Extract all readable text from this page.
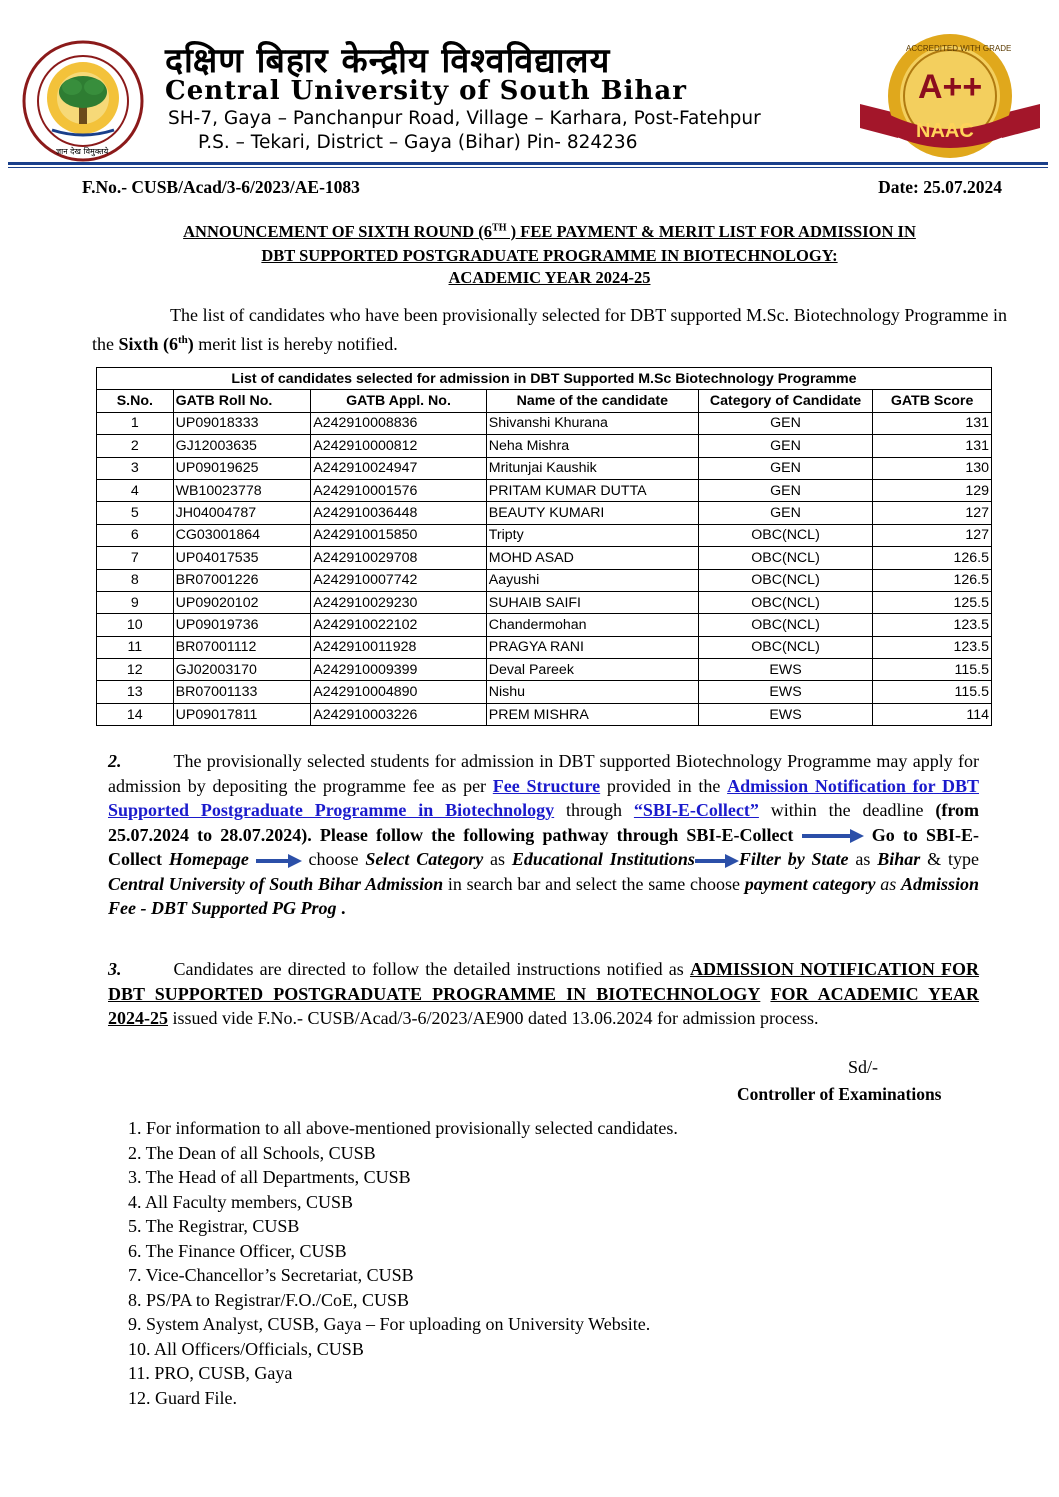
ज्ञान देख विमुक्तये
दक्षिण बिहार केन्द्रीय विश्वविद्यालय
Central University of South Bihar
SH-7, Gaya – Panchanpur Road, Village – Karhara, Post-Fatehpur
P.S. – Tekari, District – Gaya (Bihar) Pin- 824236
A++
NAAC
ACCREDITED WITH GRADE
F.No.- CUSB/Acad/3-6/2023/AE-1083	Date: 25.07.2024
ANNOUNCEMENT OF SIXTH ROUND (6TH ) FEE PAYMENT & MERIT LIST FOR ADMISSION IN
DBT SUPPORTED POSTGRADUATE PROGRAMME IN BIOTECHNOLOGY:
ACADEMIC YEAR 2024-25
The list of candidates who have been provisionally selected for DBT supported M.Sc. Biotechnology Programme in the Sixth (6th) merit list is hereby notified.
List of candidates selected for admission in DBT Supported M.Sc Biotechnology Programme					
S.No.	GATB Roll No.	GATB Appl. No.	Name of the candidate	Category of Candidate	GATB Score
1	UP09018333	A242910008836	Shivanshi Khurana	GEN	131
2	GJ12003635	A242910000812	Neha Mishra	GEN	131
3	UP09019625	A242910024947	Mritunjai Kaushik	GEN	130
4	WB10023778	A242910001576	PRITAM KUMAR DUTTA	GEN	129
5	JH04004787	A242910036448	BEAUTY KUMARI	GEN	127
6	CG03001864	A242910015850	Tripty	OBC(NCL)	127
7	UP04017535	A242910029708	MOHD ASAD	OBC(NCL)	126.5
8	BR07001226	A242910007742	Aayushi	OBC(NCL)	126.5
9	UP09020102	A242910029230	SUHAIB SAIFI	OBC(NCL)	125.5
10	UP09019736	A242910022102	Chandermohan	OBC(NCL)	123.5
11	BR07001112	A242910011928	PRAGYA RANI	OBC(NCL)	123.5
12	GJ02003170	A242910009399	Deval Pareek	EWS	115.5
13	BR07001133	A242910004890	Nishu	EWS	115.5
14	UP09017811	A242910003226	PREM MISHRA	EWS	114
2.	The provisionally selected students for admission in DBT supported Biotechnology Programme may apply for admission by depositing the programme fee as per Fee Structure provided in the Admission Notification for DBT Supported Postgraduate Programme in Biotechnology through “SBI-E-Collect” within the deadline (from 25.07.2024 to 28.07.2024). Please follow the following pathway through SBI-E-Collect	Go to SBI-E- Collect Homepage	choose Select Category as Educational Institutions Filter by State as Bihar & type Central University of South Bihar Admission in search bar and select the same choose payment category as Admission Fee - DBT Supported PG Prog .
3.	Candidates are directed to follow the detailed instructions notified as ADMISSION NOTIFICATION FOR DBT SUPPORTED POSTGRADUATE PROGRAMME IN BIOTECHNOLOGY FOR ACADEMIC YEAR 2024-25 issued vide F.No.- CUSB/Acad/3-6/2023/AE900 dated 13.06.2024 for admission process.
Sd/-
Controller of Examinations
1. For information to all above-mentioned provisionally selected candidates.
2. The Dean of all Schools, CUSB
3. The Head of all Departments, CUSB
4. All Faculty members, CUSB
5. The Registrar, CUSB
6. The Finance Officer, CUSB
7. Vice-Chancellor’s Secretariat, CUSB
8. PS/PA to Registrar/F.O./CoE, CUSB
9. System Analyst, CUSB, Gaya – For uploading on University Website.
10. All Officers/Officials, CUSB
11. PRO, CUSB, Gaya
12. Guard File.
